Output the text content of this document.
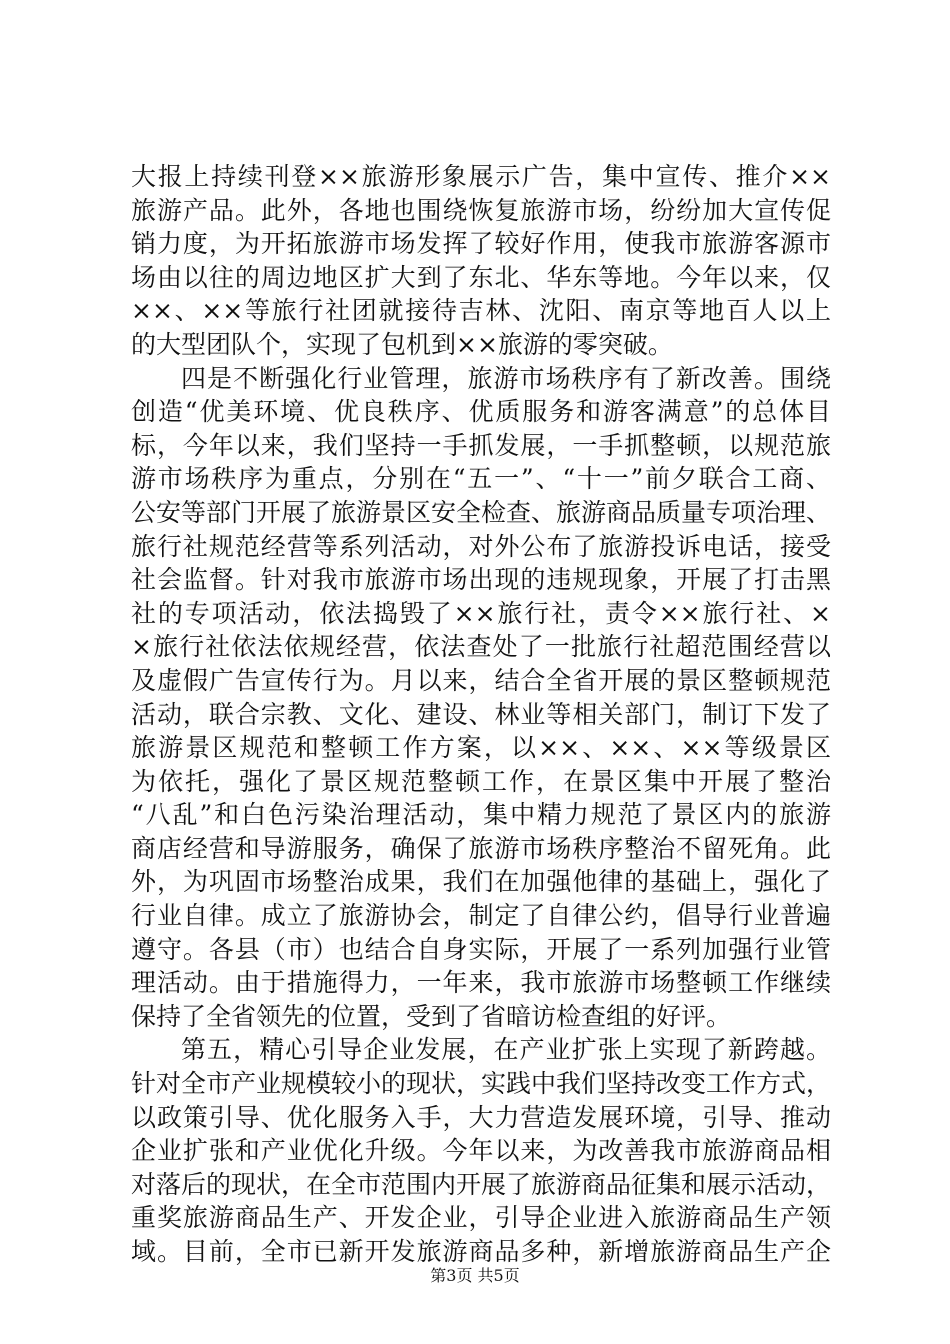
大报上持续刊登××旅游形象展示广告，集中宣传、推介××
旅游产品。此外，各地也围绕恢复旅游市场，纷纷加大宣传促
销力度，为开拓旅游市场发挥了较好作用，使我市旅游客源市
场由以往的周边地区扩大到了东北、华东等地。今年以来，仅
××、××等旅行社团就接待吉林、沈阳、南京等地百人以上
的大型团队个，实现了包机到××旅游的零突破。
四是不断强化行业管理，旅游市场秩序有了新改善。围绕
创造“优美环境、优良秩序、优质服务和游客满意”的总体目
标，今年以来，我们坚持一手抓发展，一手抓整顿，以规范旅
游市场秩序为重点，分别在“五一”、“十一”前夕联合工商、
公安等部门开展了旅游景区安全检查、旅游商品质量专项治理、
旅行社规范经营等系列活动，对外公布了旅游投诉电话，接受
社会监督。针对我市旅游市场出现的违规现象，开展了打击黑
社的专项活动，依法捣毁了××旅行社，责令××旅行社、×
×旅行社依法依规经营，依法查处了一批旅行社超范围经营以
及虚假广告宣传行为。月以来，结合全省开展的景区整顿规范
活动，联合宗教、文化、建设、林业等相关部门，制订下发了
旅游景区规范和整顿工作方案，以××、××、××等级景区
为依托，强化了景区规范整顿工作，在景区集中开展了整治
“八乱”和白色污染治理活动，集中精力规范了景区内的旅游
商店经营和导游服务，确保了旅游市场秩序整治不留死角。此
外，为巩固市场整治成果，我们在加强他律的基础上，强化了
行业自律。成立了旅游协会，制定了自律公约，倡导行业普遍
遵守。各县（市）也结合自身实际，开展了一系列加强行业管
理活动。由于措施得力，一年来，我市旅游市场整顿工作继续
保持了全省领先的位置，受到了省暗访检查组的好评。
第五，精心引导企业发展，在产业扩张上实现了新跨越。
针对全市产业规模较小的现状，实践中我们坚持改变工作方式，
以政策引导、优化服务入手，大力营造发展环境，引导、推动
企业扩张和产业优化升级。今年以来，为改善我市旅游商品相
对落后的现状，在全市范围内开展了旅游商品征集和展示活动，
重奖旅游商品生产、开发企业，引导企业进入旅游商品生产领
域。目前，全市已新开发旅游商品多种，新增旅游商品生产企
第3页 共5页
